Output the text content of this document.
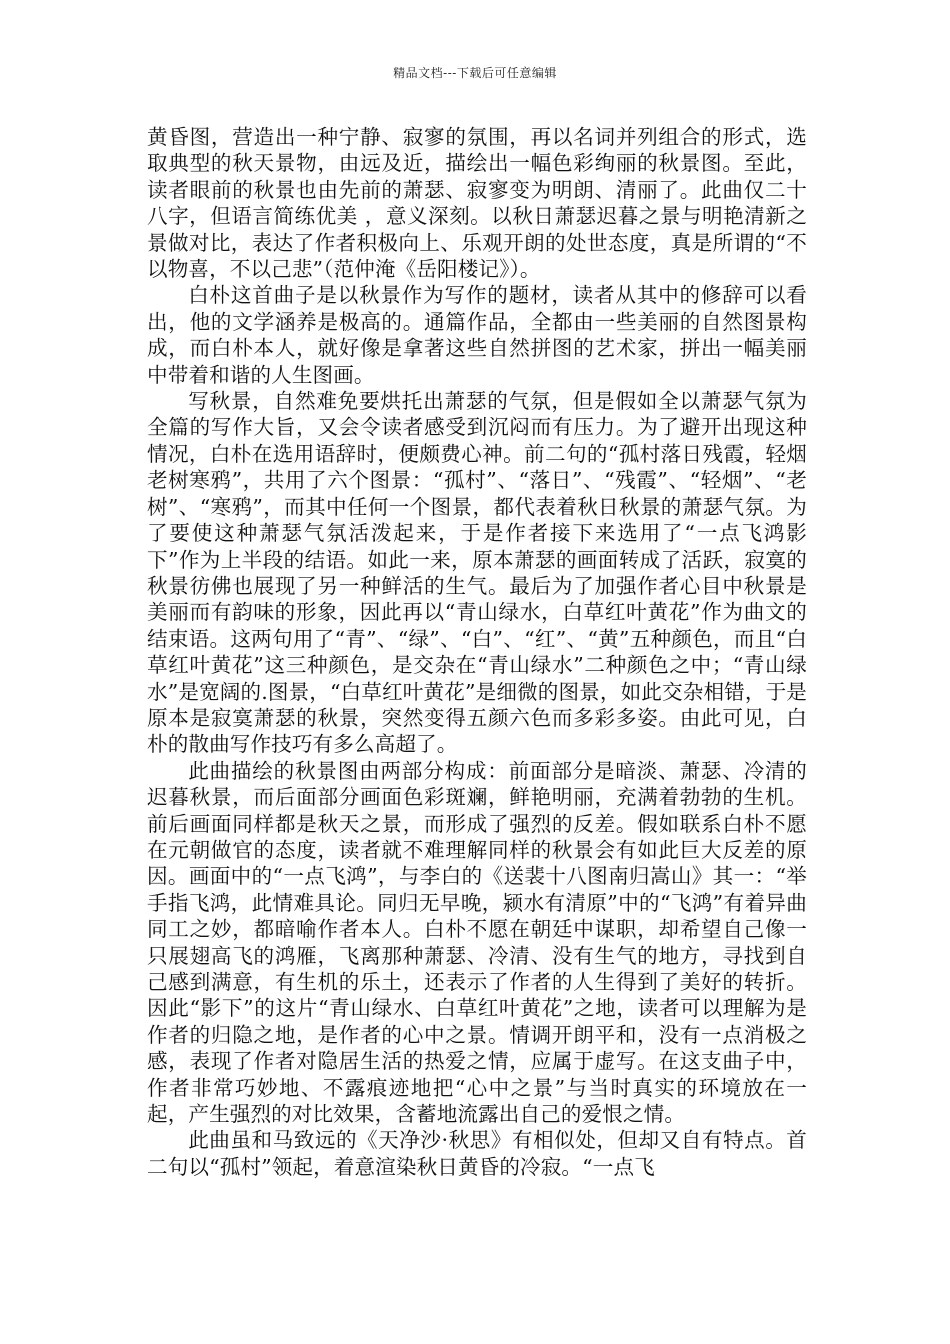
精品文档---下载后可任意编辑

黄昏图，营造出一种宁静、寂寥的氛围，再以名词并列组合的形式，选取典型的秋天景物，由远及近，描绘出一幅色彩绚丽的秋景图。至此，读者眼前的秋景也由先前的萧瑟、寂寥变为明朗、清丽了。此曲仅二十八字，但语言简练优美 ，意义深刻。以秋日萧瑟迟暮之景与明艳清新之景做对比，表达了作者积极向上、乐观开朗的处世态度，真是所谓的“不以物喜，不以己悲”（范仲淹《岳阳楼记》）。

白朴这首曲子是以秋景作为写作的题材，读者从其中的修辞可以看出，他的文学涵养是极高的。通篇作品，全都由一些美丽的自然图景构成，而白朴本人，就好像是拿著这些自然拼图的艺术家，拼出一幅美丽中带着和谐的人生图画。

写秋景，自然难免要烘托出萧瑟的气氛，但是假如全以萧瑟气氛为全篇的写作大旨，又会令读者感受到沉闷而有压力。为了避开出现这种情况，白朴在选用语辞时，便颇费心神。前二句的“孤村落日残霞，轻烟老树寒鸦”，共用了六个图景：“孤村”、“落日”、“残霞”、“轻烟”、“老树”、“寒鸦”，而其中任何一个图景，都代表着秋日秋景的萧瑟气氛。为了要使这种萧瑟气氛活泼起来，于是作者接下来选用了“一点飞鸿影下”作为上半段的结语。如此一来，原本萧瑟的画面转成了活跃，寂寞的秋景彷佛也展现了另一种鲜活的生气。最后为了加强作者心目中秋景是美丽而有韵味的形象，因此再以“青山绿水，白草红叶黄花”作为曲文的结束语。这两句用了“青”、“绿”、“白”、“红”、“黄”五种颜色，而且“白草红叶黄花”这三种颜色，是交杂在“青山绿水”二种颜色之中；“青山绿水”是宽阔的.图景，“白草红叶黄花”是细微的图景，如此交杂相错，于是原本是寂寞萧瑟的秋景，突然变得五颜六色而多彩多姿。由此可见，白朴的散曲写作技巧有多么高超了。

此曲描绘的秋景图由两部分构成：前面部分是暗淡、萧瑟、冷清的迟暮秋景，而后面部分画面色彩斑斓，鲜艳明丽，充满着勃勃的生机。前后画面同样都是秋天之景，而形成了强烈的反差。假如联系白朴不愿在元朝做官的态度，读者就不难理解同样的秋景会有如此巨大反差的原因。画面中的“一点飞鸿”，与李白的《送裴十八图南归嵩山》其一：“举手指飞鸿，此情难具论。同归无早晚，颍水有清原”中的“飞鸿”有着异曲同工之妙，都暗喻作者本人。白朴不愿在朝廷中谋职，却希望自己像一只展翅高飞的鸿雁，飞离那种萧瑟、冷清、没有生气的地方，寻找到自己感到满意，有生机的乐土，还表示了作者的人生得到了美好的转折。因此“影下”的这片“青山绿水、白草红叶黄花”之地，读者可以理解为是作者的归隐之地，是作者的心中之景。情调开朗平和，没有一点消极之感，表现了作者对隐居生活的热爱之情，应属于虚写。在这支曲子中，作者非常巧妙地、不露痕迹地把“心中之景”与当时真实的环境放在一起，产生强烈的对比效果，含蓄地流露出自己的爱恨之情。

此曲虽和马致远的《天净沙·秋思》有相似处，但却又自有特点。首二句以“孤村”领起，着意渲染秋日黄昏的冷寂。“一点飞
